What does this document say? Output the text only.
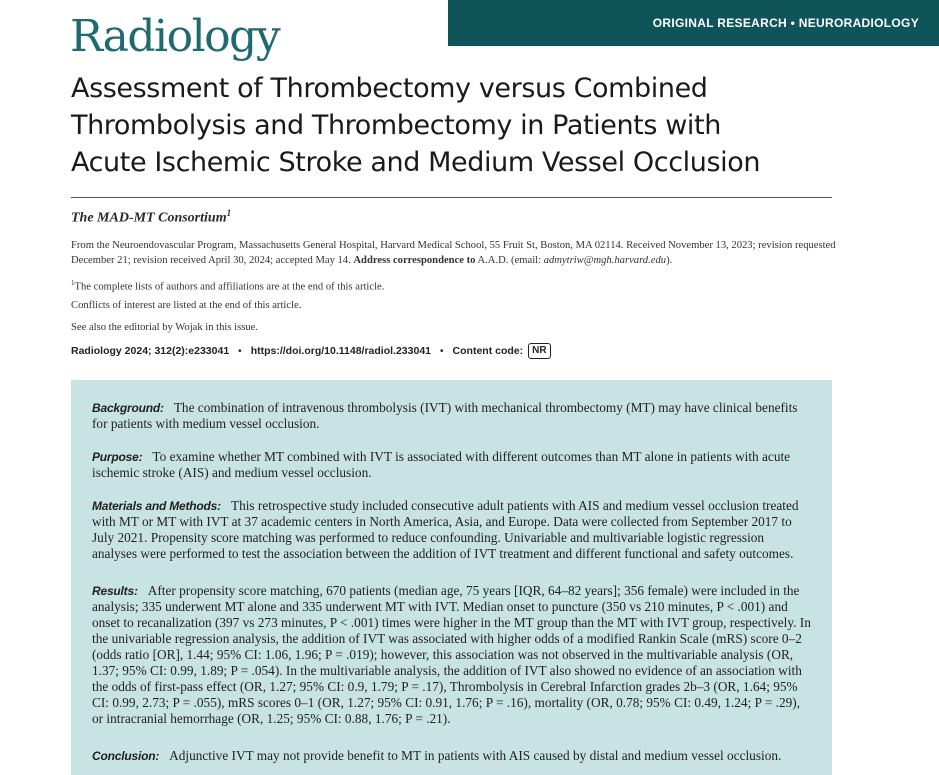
Radiology	ORIGINAL RESEARCH • NEURORADIOLOGY
Assessment of Thrombectomy versus Combined Thrombolysis and Thrombectomy in Patients with Acute Ischemic Stroke and Medium Vessel Occlusion
The MAD-MT Consortium$^1$
From the Neuroendovascular Program, Massachusetts General Hospital, Harvard Medical School, 55 Fruit St, Boston, MA 02114. Received November 13, 2023; revision requested December 21; revision received April 30, 2024; accepted May 14. Address correspondence to A.A.D. (email: admytriw@mgh.harvard.edu).
$^1$The complete lists of authors and affiliations are at the end of this article.
Conflicts of interest are listed at the end of this article.
See also the editorial by Wojak in this issue.
Radiology 2024; 312(2):e233041 • https://doi.org/10.1148/radiol.233041 • Content code: NR

Background: The combination of intravenous thrombolysis (IVT) with mechanical thrombectomy (MT) may have clinical benefits for patients with medium vessel occlusion.

Purpose: To examine whether MT combined with IVT is associated with different outcomes than MT alone in patients with acute ischemic stroke (AIS) and medium vessel occlusion.

Materials and Methods: This retrospective study included consecutive adult patients with AIS and medium vessel occlusion treated with MT or MT with IVT at 37 academic centers in North America, Asia, and Europe. Data were collected from September 2017 to July 2021. Propensity score matching was performed to reduce confounding. Univariable and multivariable logistic regression analyses were performed to test the association between the addition of IVT treatment and different functional and safety outcomes.

Results: After propensity score matching, 670 patients (median age, 75 years [IQR, 64–82 years]; 356 female) were included in the analysis; 335 underwent MT alone and 335 underwent MT with IVT. Median onset to puncture (350 vs 210 minutes, P < .001) and onset to recanalization (397 vs 273 minutes, P < .001) times were higher in the MT group than the MT with IVT group, respectively. In the univariable regression analysis, the addition of IVT was associated with higher odds of a modified Rankin Scale (mRS) score 0–2 (odds ratio [OR], 1.44; 95% CI: 1.06, 1.96; P = .019); however, this association was not observed in the multivariable analysis (OR, 1.37; 95% CI: 0.99, 1.89; P = .054). In the multivariable analysis, the addition of IVT also showed no evidence of an association with the odds of first-pass effect (OR, 1.27; 95% CI: 0.9, 1.79; P = .17), Thrombolysis in Cerebral Infarction grades 2b–3 (OR, 1.64; 95% CI: 0.99, 2.73; P = .055), mRS scores 0–1 (OR, 1.27; 95% CI: 0.91, 1.76; P = .16), mortality (OR, 0.78; 95% CI: 0.49, 1.24; P = .29), or intracranial hemorrhage (OR, 1.25; 95% CI: 0.88, 1.76; P = .21).

Conclusion: Adjunctive IVT may not provide benefit to MT in patients with AIS caused by distal and medium vessel occlusion.
